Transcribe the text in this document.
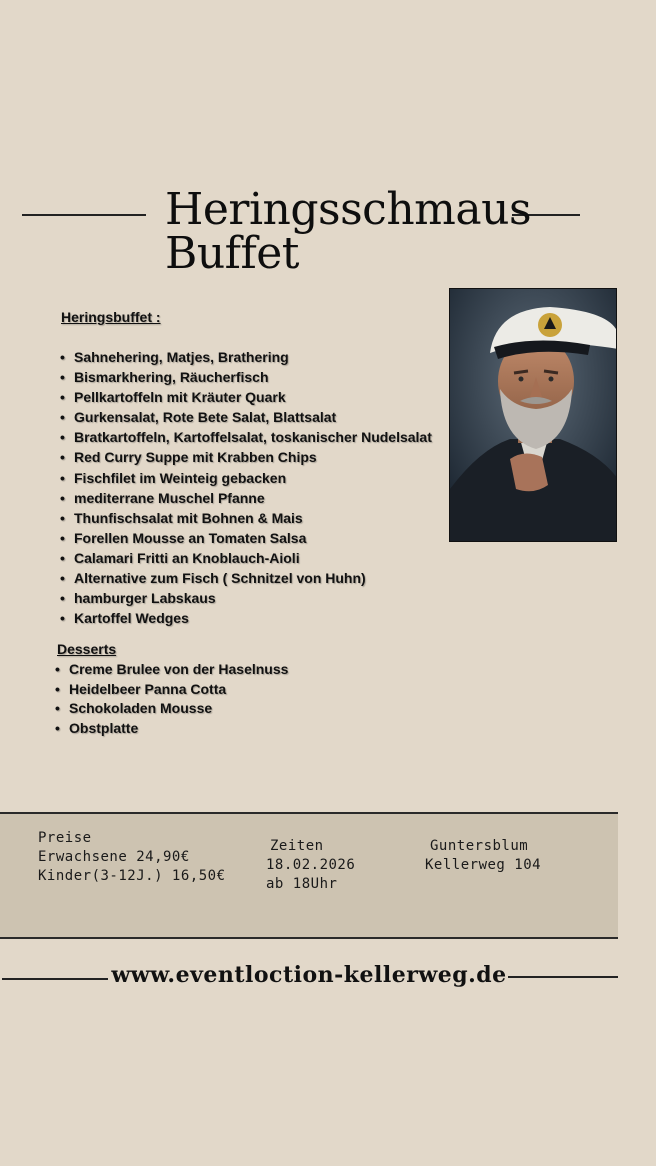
Heringsschmaus
Buffet
Heringsbuffet :
• Sahnehering, Matjes, Brathering
• Bismarkhering, Räucherfisch
• Pellkartoffeln mit Kräuter Quark
• Gurkensalat, Rote Bete Salat, Blattsalat
• Bratkartoffeln, Kartoffelsalat, toskanischer Nudelsalat
• Red Curry Suppe mit Krabben Chips
• Fischfilet im Weinteig gebacken
• mediterrane Muschel Pfanne
• Thunfischsalat mit Bohnen & Mais
• Forellen Mousse an Tomaten Salsa
• Calamari Fritti an Knoblauch-Aioli
• Alternative zum Fisch ( Schnitzel von Huhn)
• hamburger Labskaus
• Kartoffel Wedges
Desserts
• Creme Brulee von der Haselnuss
• Heidelbeer Panna Cotta
• Schokoladen Mousse
• Obstplatte
Preise
Erwachsene 24,90€
Kinder(3-12J.) 16,50€
Zeiten
18.02.2026
ab 18Uhr
Guntersblum
Kellerweg 104
www.eventloction-kellerweg.de
